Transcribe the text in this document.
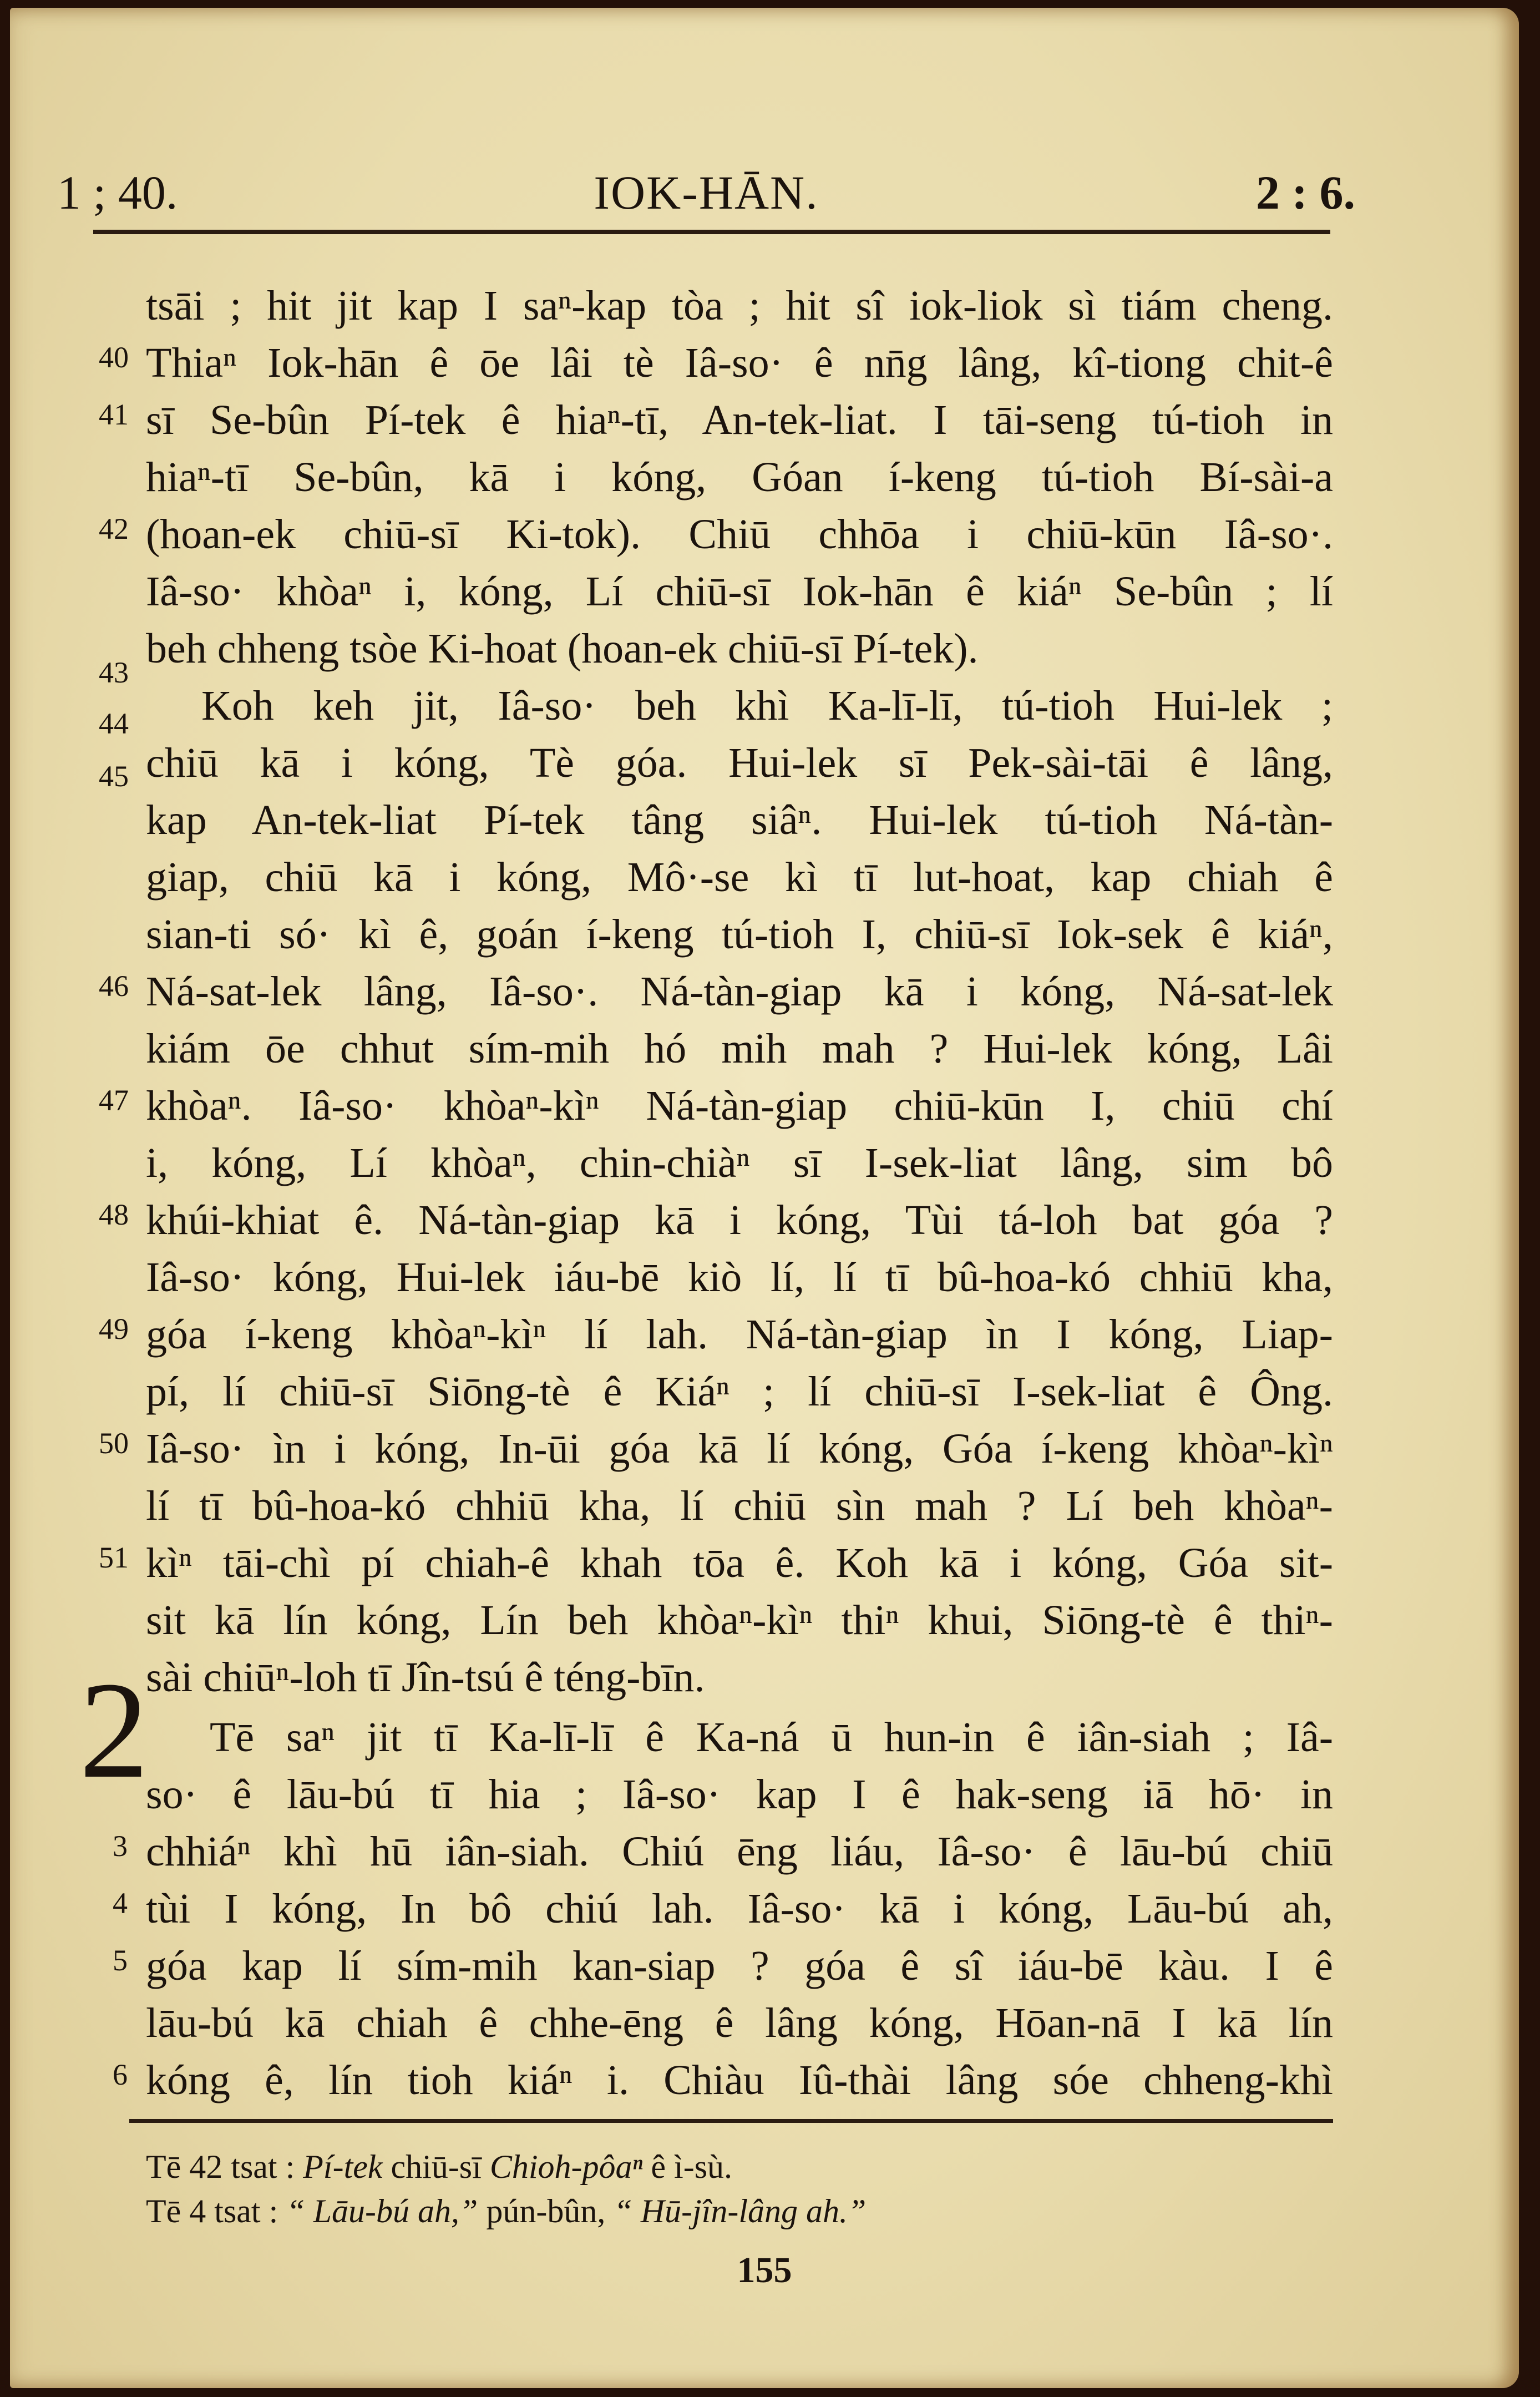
1 ; 40.	IOK-HĀN.	2 : 6.
tsāi ; hit jit kap I saⁿ-kap tòa ; hit sî iok-liok sì tiám cheng.
Thiaⁿ Iok-hān ê ōe lâi tè Iâ-so· ê nn̄g lâng, kî-tiong chit-ê
sī Se-bûn Pí-tek ê hiaⁿ-tī, An-tek-liat. I tāi-seng tú-tioh in
hiaⁿ-tī Se-bûn, kā i kóng, Góan í-keng tú-tioh Bí-sài-a
(hoan-ek chiū-sī Ki-tok). Chiū chhōa i chiū-kūn Iâ-so·.
Iâ-so· khòaⁿ i, kóng, Lí chiū-sī Iok-hān ê kiáⁿ Se-bûn ; lí
beh chheng tsòe Ki-hoat (hoan-ek chiū-sī Pí-tek).
Koh keh jit, Iâ-so· beh khì Ka-lī-lī, tú-tioh Hui-lek ;
chiū kā i kóng, Tè góa. Hui-lek sī Pek-sài-tāi ê lâng,
kap An-tek-liat Pí-tek tâng siâⁿ. Hui-lek tú-tioh Ná-tàn-
giap, chiū kā i kóng, Mô·-se kì tī lut-hoat, kap chiah ê
sian-ti só· kì ê, goán í-keng tú-tioh I, chiū-sī Iok-sek ê kiáⁿ,
Ná-sat-lek lâng, Iâ-so·. Ná-tàn-giap kā i kóng, Ná-sat-lek
kiám ōe chhut sím-mih hó mih mah ? Hui-lek kóng, Lâi
khòaⁿ. Iâ-so· khòaⁿ-kìⁿ Ná-tàn-giap chiū-kūn I, chiū chí
i, kóng, Lí khòaⁿ, chin-chiàⁿ sī I-sek-liat lâng, sim bô
khúi-khiat ê. Ná-tàn-giap kā i kóng, Tùi tá-loh bat góa ?
Iâ-so· kóng, Hui-lek iáu-bē kiò lí, lí tī bû-hoa-kó chhiū kha,
góa í-keng khòaⁿ-kìⁿ lí lah. Ná-tàn-giap ìn I kóng, Liap-
pí, lí chiū-sī Siōng-tè ê Kiáⁿ ; lí chiū-sī I-sek-liat ê Ông.
Iâ-so· ìn i kóng, In-ūi góa kā lí kóng, Góa í-keng khòaⁿ-kìⁿ
lí tī bû-hoa-kó chhiū kha, lí chiū sìn mah ? Lí beh khòaⁿ-
kìⁿ tāi-chì pí chiah-ê khah tōa ê. Koh kā i kóng, Góa sit-
sit kā lín kóng, Lín beh khòaⁿ-kìⁿ thiⁿ khui, Siōng-tè ê thiⁿ-
sài chiūⁿ-loh tī Jîn-tsú ê téng-bīn.
Tē saⁿ jit tī Ka-lī-lī ê Ka-ná ū hun-in ê iân-siah ; Iâ-
so· ê lāu-bú tī hia ; Iâ-so· kap I ê hak-seng iā hō· in
chhiáⁿ khì hū iân-siah. Chiú ēng liáu, Iâ-so· ê lāu-bú chiū
tùi I kóng, In bô chiú lah. Iâ-so· kā i kóng, Lāu-bú ah,
góa kap lí sím-mih kan-siap ? góa ê sî iáu-bē kàu. I ê
lāu-bú kā chiah ê chhe-ēng ê lâng kóng, Hōan-nā I kā lín
kóng ê, lín tioh kiáⁿ i. Chiàu Iû-thài lâng sóe chheng-khì
40
41
42
43
44
45
46
47
48
49
50
51
3
4
5
6
2
Tē 42 tsat : Pí-tek chiū-sī Chioh-pôaⁿ ê ì-sù.
Tē 4 tsat : “ Lāu-bú ah,” pún-bûn, “ Hū-jîn-lâng ah.”
155
